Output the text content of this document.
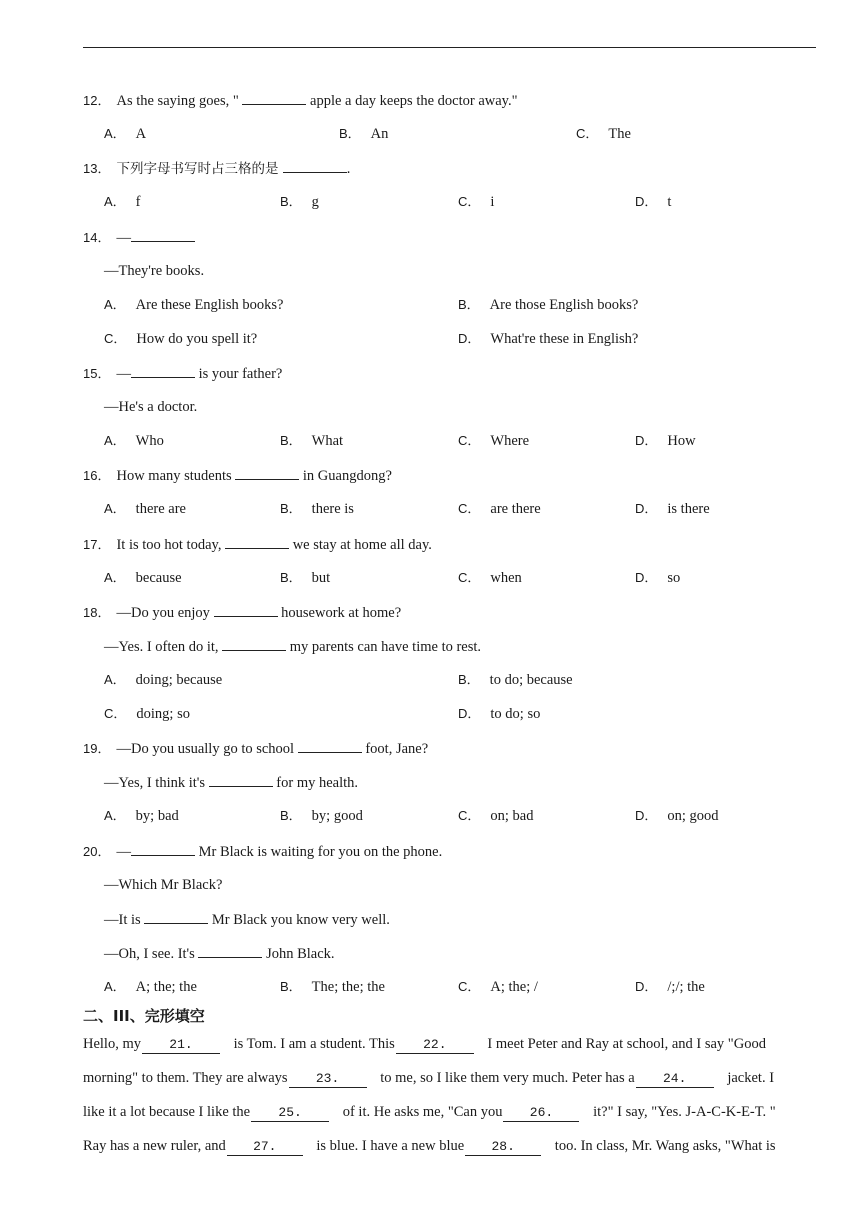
12． As the saying goes, "	apple a day keeps the doctor away."
A． A	B． An	C． The
13． 下列字母书写时占三格的是	.
A． f	B． g	C． i	D． t
14． —
—They're books.
A． Are these English books?	B． Are those English books?
C． How do you spell it?	D． What're these in English?
15． —	is your father?
—He's a doctor.
A． Who	B． What	C． Where	D． How
16． How many students	in Guangdong?
A． there are	B． there is	C． are there	D． is there
17． It is too hot today,	we stay at home all day.
A． because	B． but	C． when	D． so
18． —Do you enjoy	housework at home?
—Yes. I often do it,	my parents can have time to rest.
A． doing; because	B． to do; because
C． doing; so	D． to do; so
19． —Do you usually go to school	foot, Jane?
—Yes, I think it's	for my health.
A． by; bad	B． by; good	C． on; bad	D． on; good
20． —	Mr Black is waiting for you on the phone.
—Which Mr Black?
—It is	Mr Black you know very well.
—Oh, I see. It's	John Black.
A． A; the; the	B． The; the; the	C． A; the; /	D． /;/; the
二、III、完形填空
Hello, my 21.	is Tom. I am a student. This 22.	I meet Peter and Ray at school, and I say "Good
morning" to them. They are always 23.	to me, so I like them very much. Peter has a 24.	jacket. I
like it a lot because I like the 25.	of it. He asks me, "Can you 26.	it?" I say, "Yes. J-A-C-K-E-T. "
Ray has a new ruler, and 27.	is blue. I have a new blue 28.	too. In class, Mr. Wang asks, "What is
